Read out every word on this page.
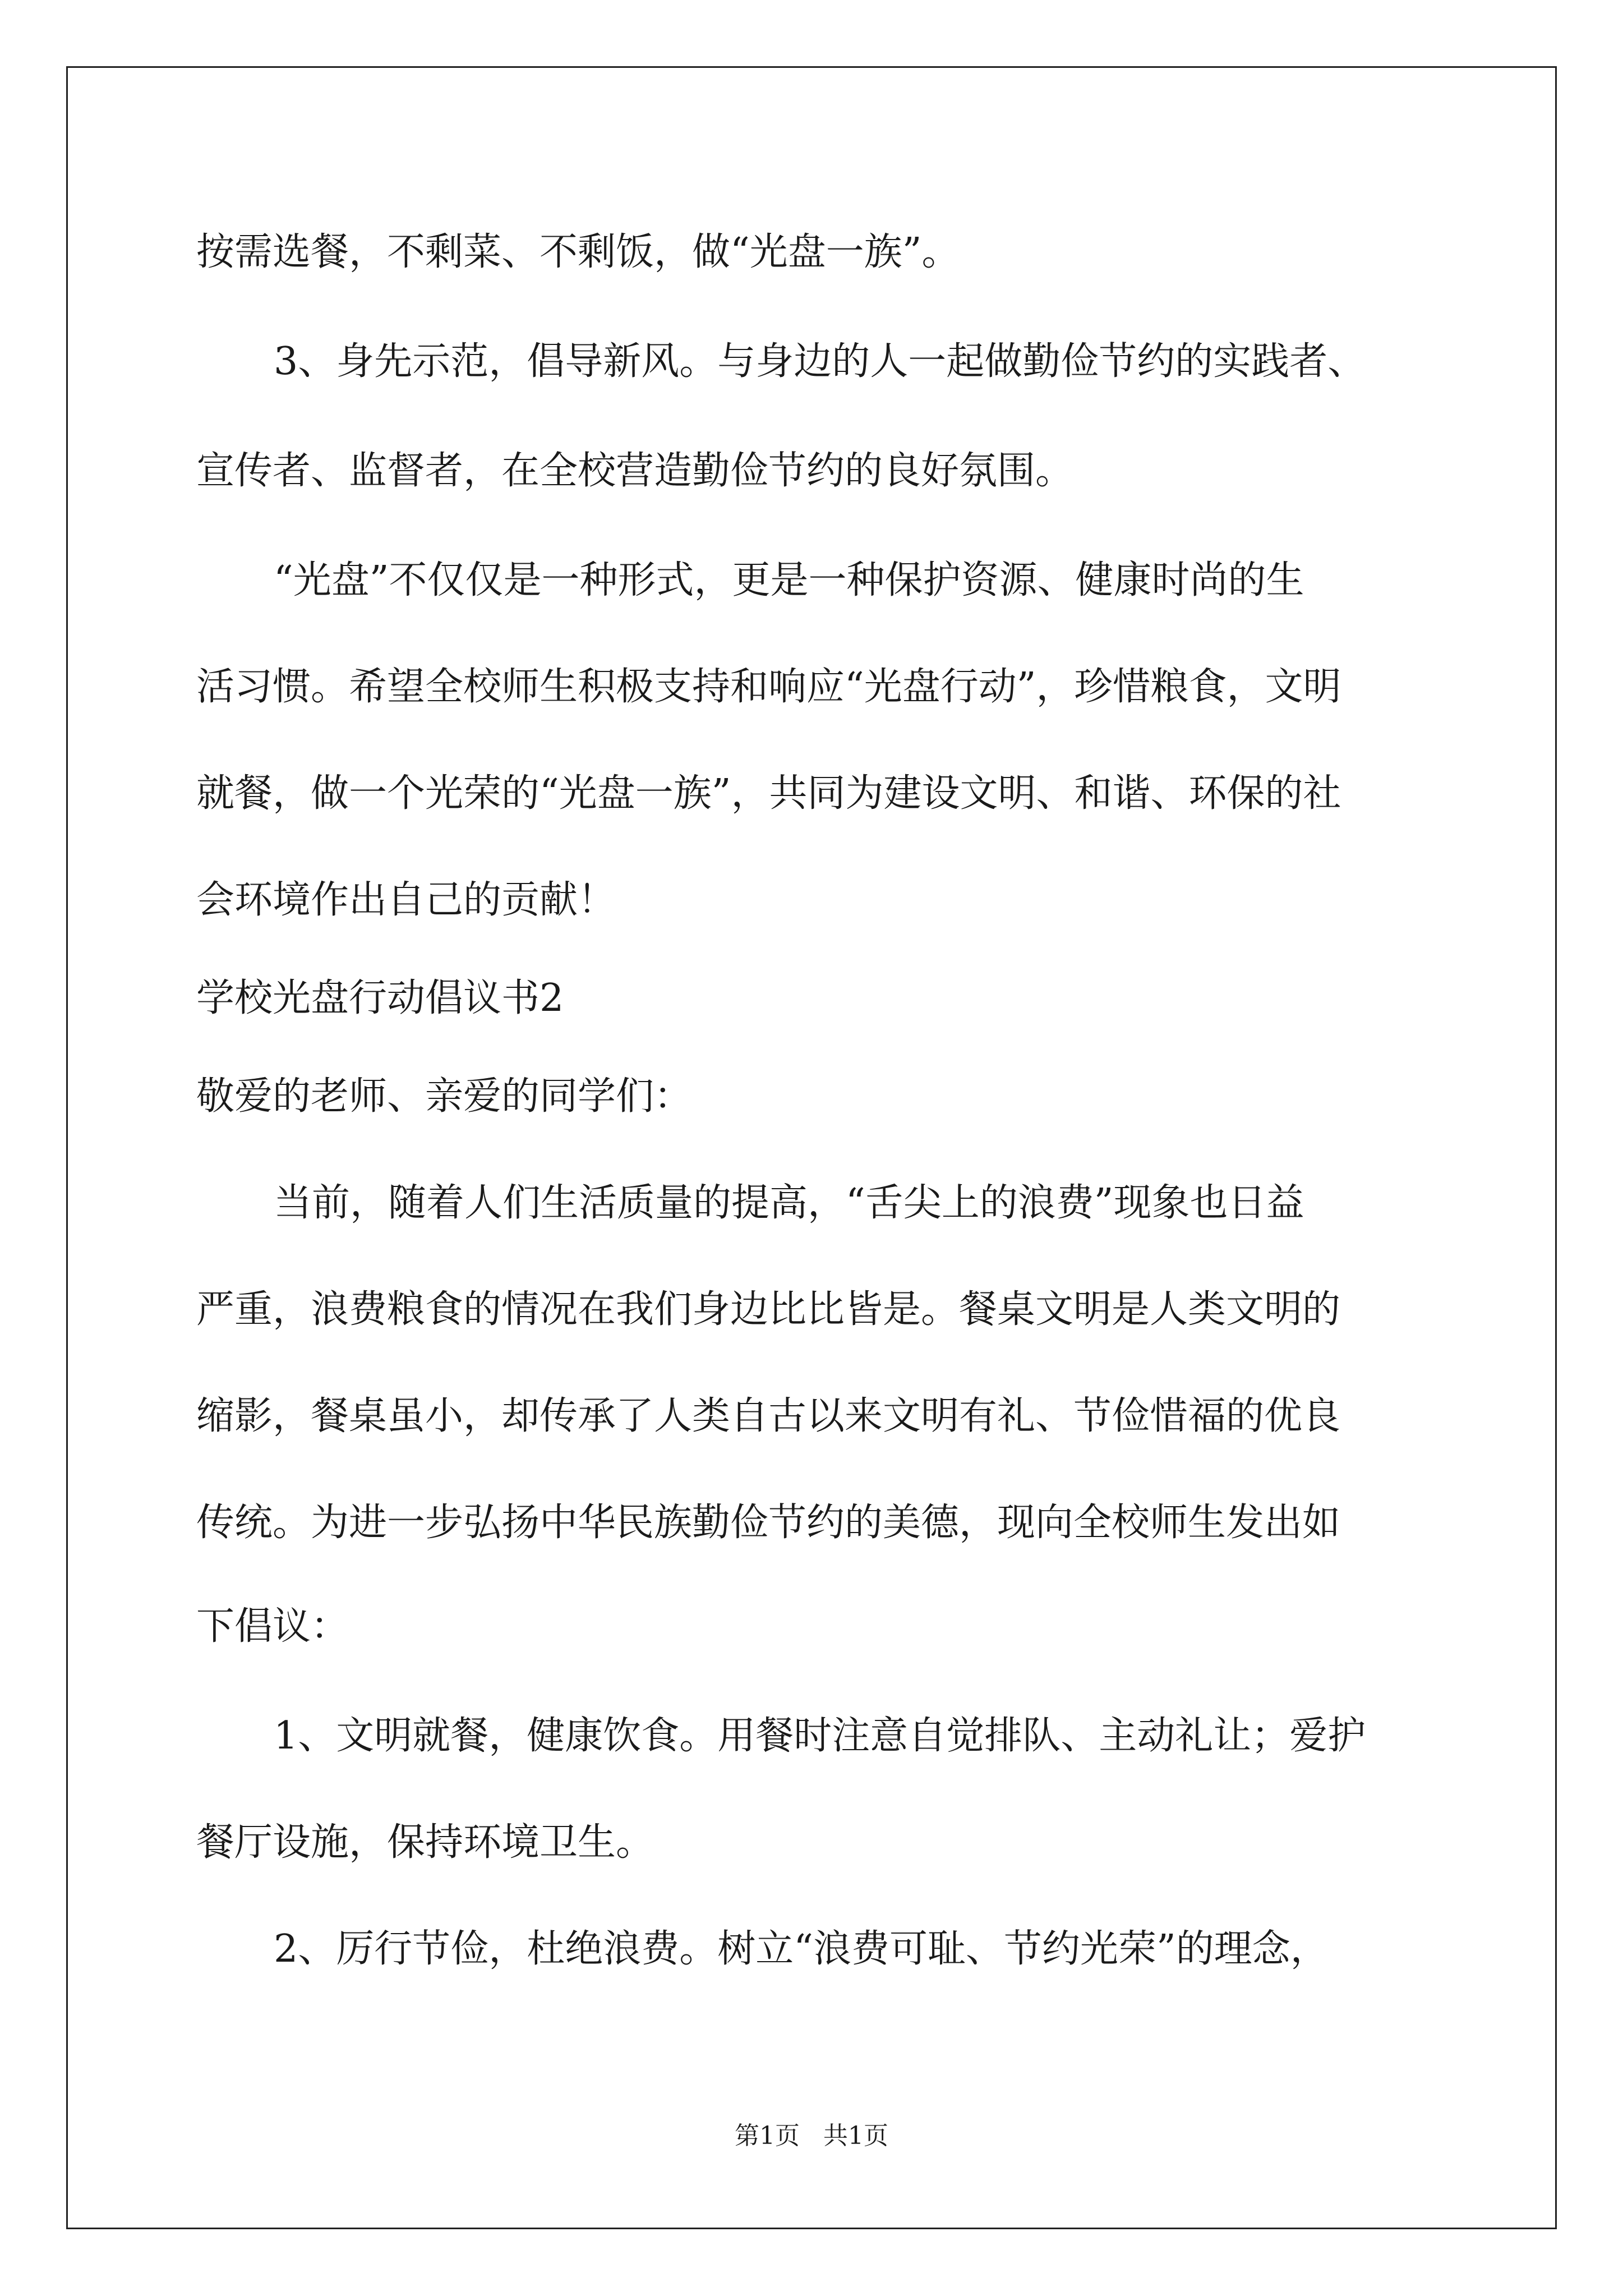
按需选餐，不剩菜、不剩饭，做“光盘一族”。
3、身先示范，倡导新风。与身边的人一起做勤俭节约的实践者、
宣传者、监督者，在全校营造勤俭节约的良好氛围。
“光盘”不仅仅是一种形式，更是一种保护资源、健康时尚的生
活习惯。希望全校师生积极支持和响应“光盘行动”，珍惜粮食，文明
就餐，做一个光荣的“光盘一族”，共同为建设文明、和谐、环保的社
会环境作出自己的贡献！
学校光盘行动倡议书2
敬爱的老师、亲爱的同学们：
当前，随着人们生活质量的提高，“舌尖上的浪费”现象也日益
严重，浪费粮食的情况在我们身边比比皆是。餐桌文明是人类文明的
缩影，餐桌虽小，却传承了人类自古以来文明有礼、节俭惜福的优良
传统。为进一步弘扬中华民族勤俭节约的美德，现向全校师生发出如
下倡议：
1、文明就餐，健康饮食。用餐时注意自觉排队、主动礼让；爱护
餐厅设施，保持环境卫生。
2、厉行节俭，杜绝浪费。树立“浪费可耻、节约光荣”的理念，
第1页   共1页
